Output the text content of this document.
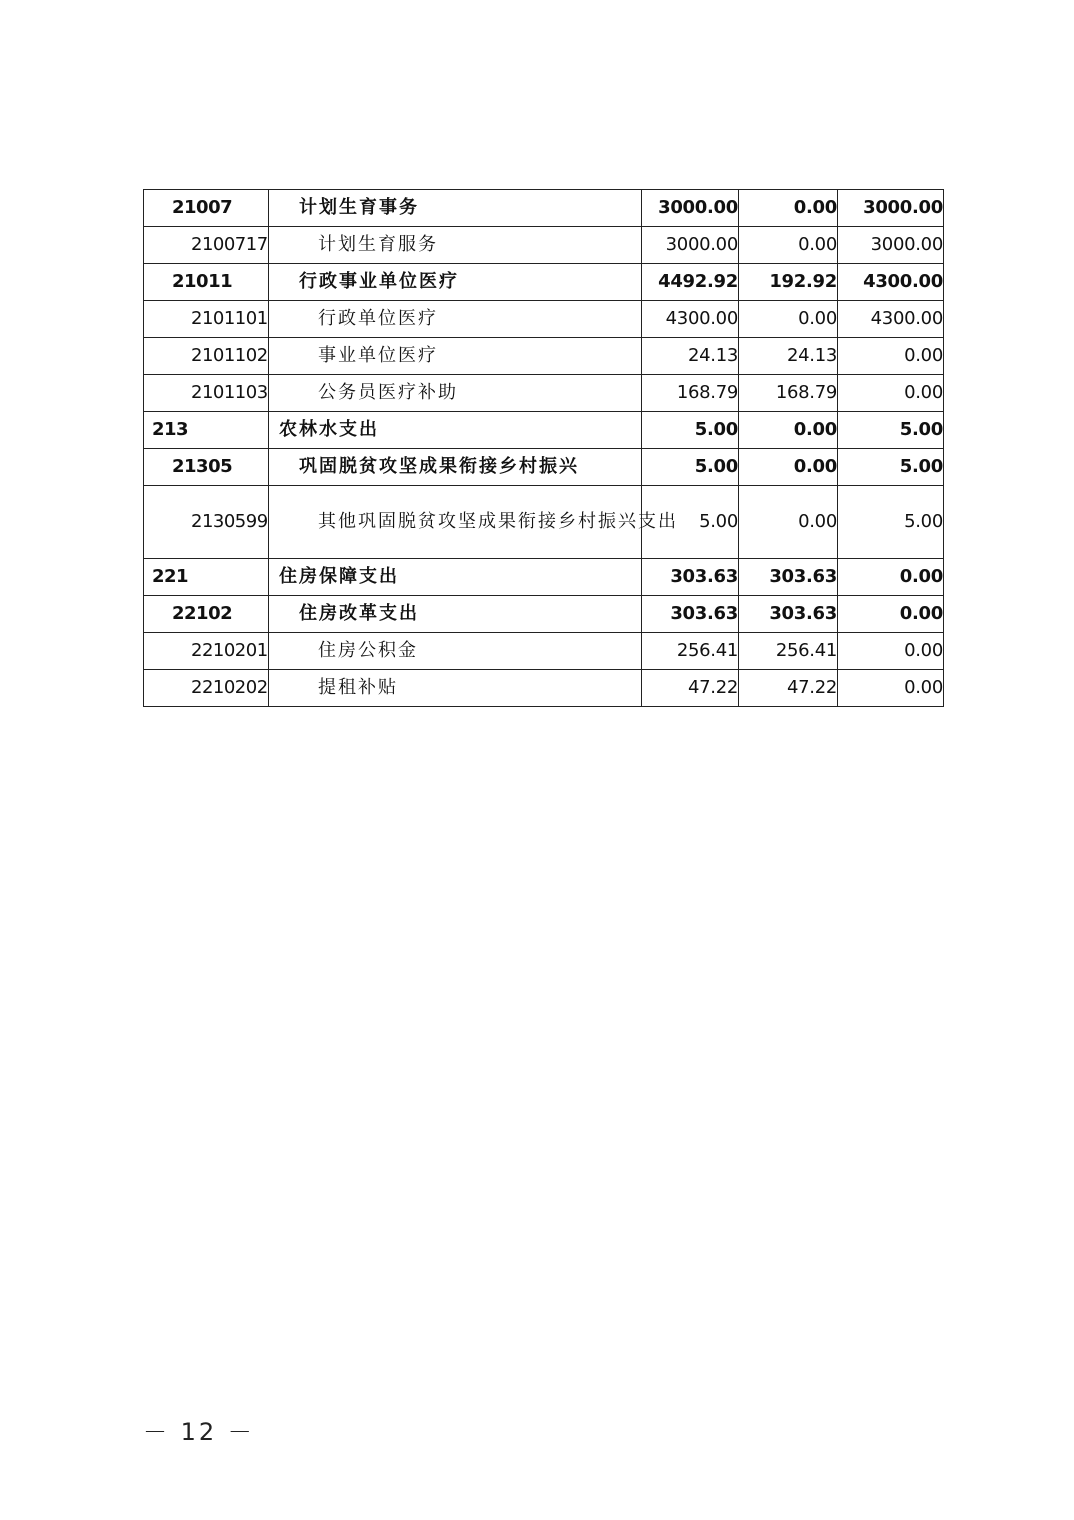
21007	计划生育事务	3000.00	0.00	3000.00
2100717	计划生育服务	3000.00	0.00	3000.00
21011	行政事业单位医疗	4492.92	192.92	4300.00
2101101	行政单位医疗	4300.00	0.00	4300.00
2101102	事业单位医疗	24.13	24.13	0.00
2101103	公务员医疗补助	168.79	168.79	0.00
213	农林水支出	5.00	0.00	5.00
21305	巩固脱贫攻坚成果衔接乡村振兴	5.00	0.00	5.00
2130599	其他巩固脱贫攻坚成果衔接乡村振兴支出	5.00	0.00	5.00
221	住房保障支出	303.63	303.63	0.00
22102	住房改革支出	303.63	303.63	0.00
2210201	住房公积金	256.41	256.41	0.00
2210202	提租补贴	47.22	47.22	0.00
－ 12 －
